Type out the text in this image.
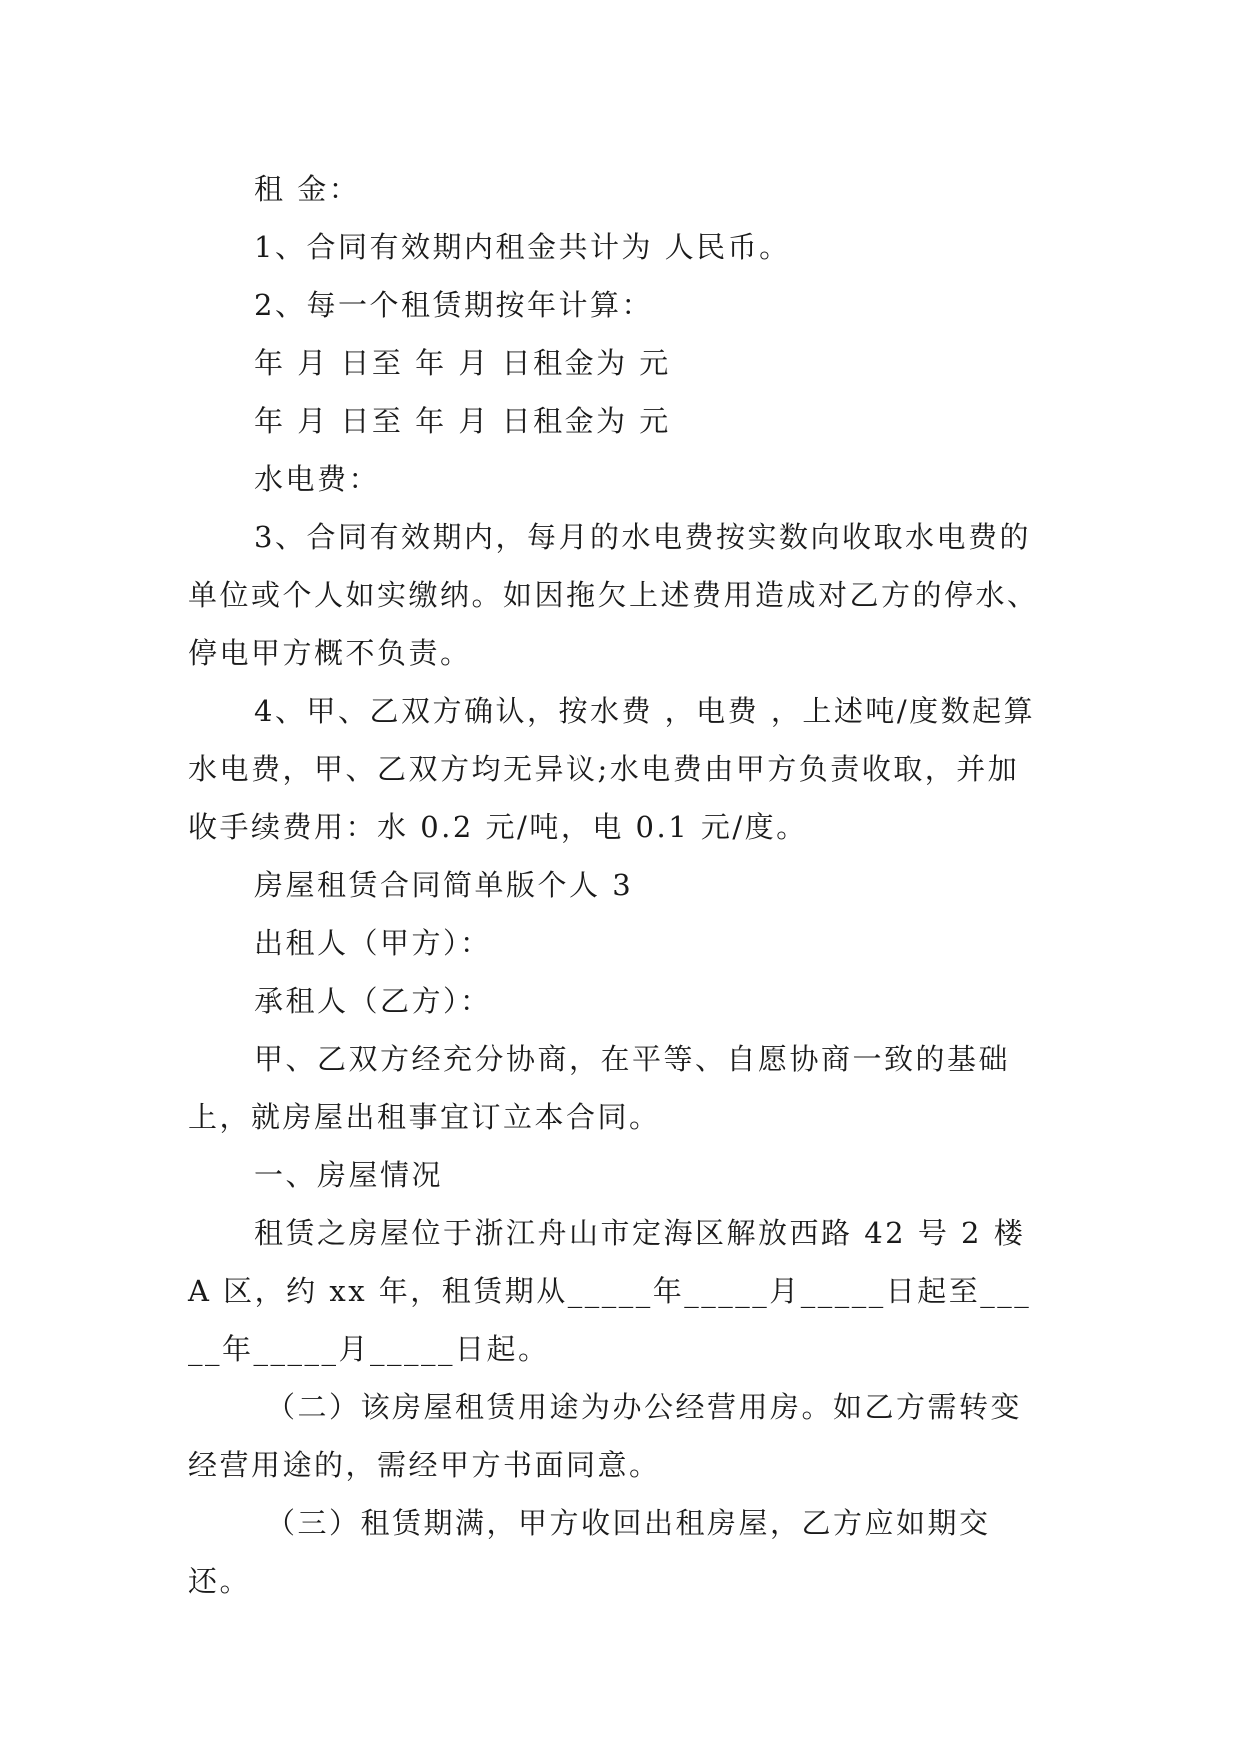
租 金：

1、合同有效期内租金共计为 人民币。

2、每一个租赁期按年计算：

年 月 日至 年 月 日租金为 元

年 月 日至 年 月 日租金为 元

水电费：

3、合同有效期内，每月的水电费按实数向收取水电费的单位或个人如实缴纳。如因拖欠上述费用造成对乙方的停水、停电甲方概不负责。

4、甲、乙双方确认，按水费 ，电费 ，上述吨/度数起算水电费，甲、乙双方均无异议;水电费由甲方负责收取，并加收手续费用：水 0.2 元/吨，电 0.1 元/度。

房屋租赁合同简单版个人 3

出租人（甲方）：

承租人（乙方）：

甲、乙双方经充分协商，在平等、自愿协商一致的基础上，就房屋出租事宜订立本合同。

一、房屋情况

租赁之房屋位于浙江舟山市定海区解放西路 42 号 2 楼 A 区，约 xx 年，租赁期从_____年_____月_____日起至_____年_____月_____日起。

（二）该房屋租赁用途为办公经营用房。如乙方需转变经营用途的，需经甲方书面同意。

（三）租赁期满，甲方收回出租房屋，乙方应如期交还。
